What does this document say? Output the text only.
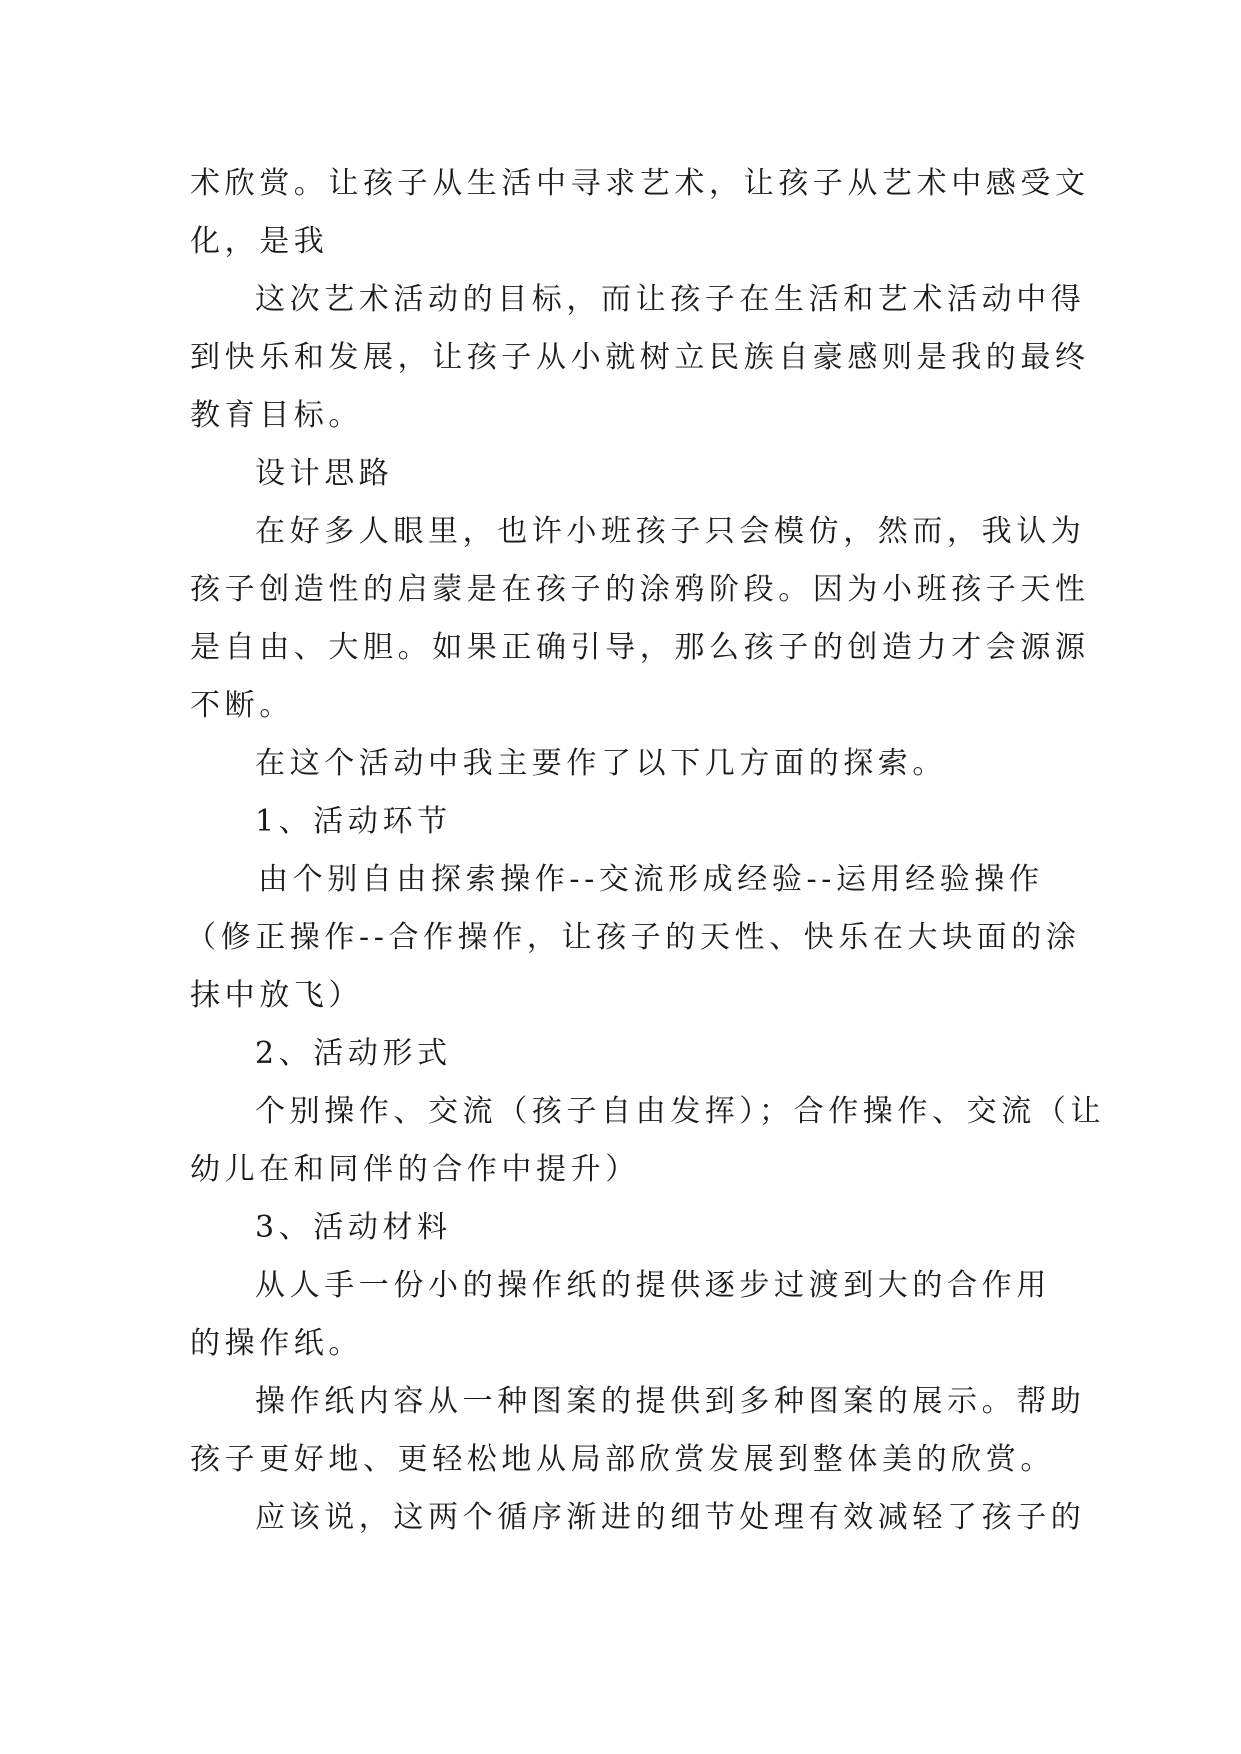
术欣赏。让孩子从生活中寻求艺术，让孩子从艺术中感受文
化，是我
这次艺术活动的目标，而让孩子在生活和艺术活动中得
到快乐和发展，让孩子从小就树立民族自豪感则是我的最终
教育目标。
设计思路
在好多人眼里，也许小班孩子只会模仿，然而，我认为
孩子创造性的启蒙是在孩子的涂鸦阶段。因为小班孩子天性
是自由、大胆。如果正确引导，那么孩子的创造力才会源源
不断。
在这个活动中我主要作了以下几方面的探索。
1、活动环节
由个别自由探索操作--交流形成经验--运用经验操作
（修正操作--合作操作，让孩子的天性、快乐在大块面的涂
抹中放飞）
2、活动形式
个别操作、交流（孩子自由发挥）；合作操作、交流（让
幼儿在和同伴的合作中提升）
3、活动材料
从人手一份小的操作纸的提供逐步过渡到大的合作用
的操作纸。
操作纸内容从一种图案的提供到多种图案的展示。帮助
孩子更好地、更轻松地从局部欣赏发展到整体美的欣赏。
应该说，这两个循序渐进的细节处理有效减轻了孩子的
